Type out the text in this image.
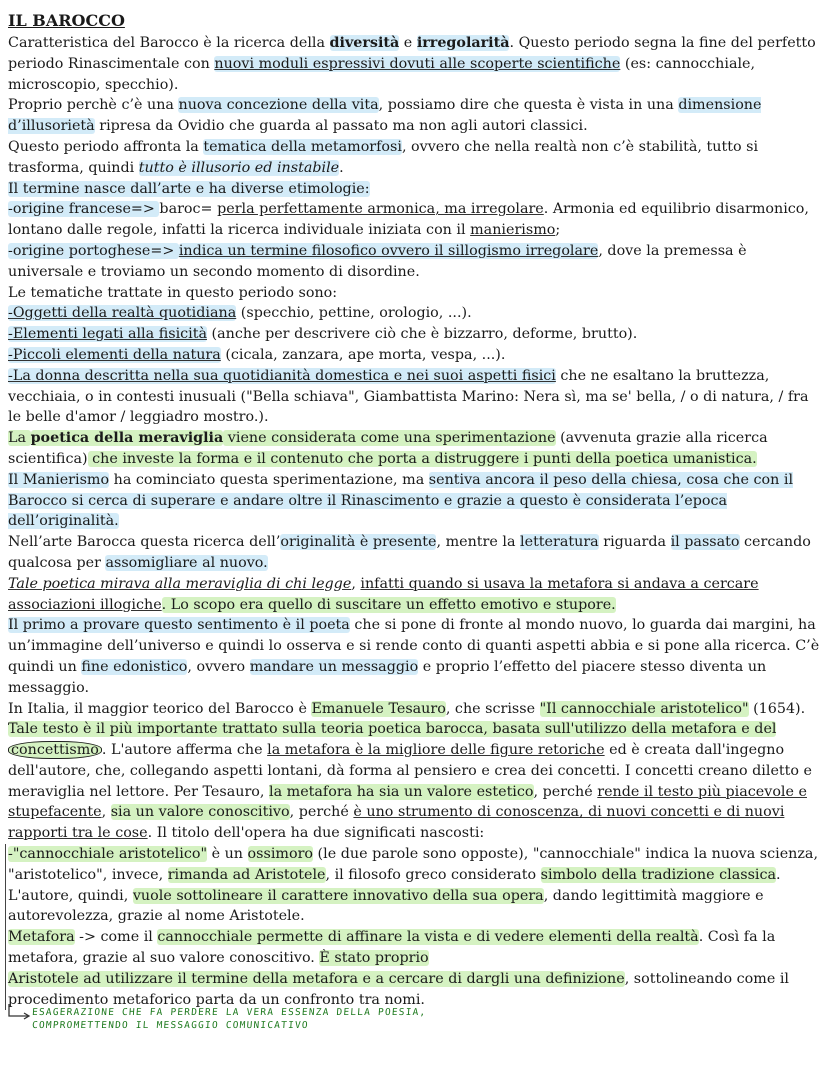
IL BAROCCO

Caratteristica del Barocco è la ricerca della diversità e irregolarità. Questo periodo segna la fine del perfetto periodo Rinascimentale con nuovi moduli espressivi dovuti alle scoperte scientifiche (es: cannocchiale, microscopio, specchio).

Proprio perchè c’è una nuova concezione della vita, possiamo dire che questa è vista in una dimensione d’illusorietà ripresa da Ovidio che guarda al passato ma non agli autori classici.

Questo periodo affronta la tematica della metamorfosi, ovvero che nella realtà non c’è stabilità, tutto si trasforma, quindi tutto è illusorio ed instabile.

Il termine nasce dall’arte e ha diverse etimologie:

-origine francese=> baroc= perla perfettamente armonica, ma irregolare. Armonia ed equilibrio disarmonico, lontano dalle regole, infatti la ricerca individuale iniziata con il manierismo;

-origine portoghese=> indica un termine filosofico ovvero il sillogismo irregolare, dove la premessa è universale e troviamo un secondo momento di disordine.

Le tematiche trattate in questo periodo sono:

-Oggetti della realtà quotidiana (specchio, pettine, orologio, ...).

-Elementi legati alla fisicità (anche per descrivere ciò che è bizzarro, deforme, brutto).

-Piccoli elementi della natura (cicala, zanzara, ape morta, vespa, ...).

-La donna descritta nella sua quotidianità domestica e nei suoi aspetti fisici che ne esaltano la bruttezza, vecchiaia, o in contesti inusuali ("Bella schiava", Giambattista Marino: Nera sì, ma se' bella, / o di natura, / fra le belle d'amor / leggiadro mostro.).

La poetica della meraviglia viene considerata come una sperimentazione (avvenuta grazie alla ricerca scientifica) che investe la forma e il contenuto che porta a distruggere i punti della poetica umanistica.

Il Manierismo ha cominciato questa sperimentazione, ma sentiva ancora il peso della chiesa, cosa che con il Barocco si cerca di superare e andare oltre il Rinascimento e grazie a questo è considerata l’epoca dell’originalità.

Nell’arte Barocca questa ricerca dell’originalità è presente, mentre la letteratura riguarda il passato cercando qualcosa per assomigliare al nuovo.

Tale poetica mirava alla meraviglia di chi legge, infatti quando si usava la metafora si andava a cercare associazioni illogiche. Lo scopo era quello di suscitare un effetto emotivo e stupore.

Il primo a provare questo sentimento è il poeta che si pone di fronte al mondo nuovo, lo guarda dai margini, ha un’immagine dell’universo e quindi lo osserva e si rende conto di quanti aspetti abbia e si pone alla ricerca. C’è quindi un fine edonistico, ovvero mandare un messaggio e proprio l’effetto del piacere stesso diventa un messaggio.

In Italia, il maggior teorico del Barocco è Emanuele Tesauro, che scrisse "Il cannocchiale aristotelico" (1654).

Tale testo è il più importante trattato sulla teoria poetica barocca, basata sull'utilizzo della metafora e del concettismo . L'autore afferma che la metafora è la migliore delle figure retoriche ed è creata dall'ingegno dell'autore, che, collegando aspetti lontani, dà forma al pensiero e crea dei concetti. I concetti creano diletto e meraviglia nel lettore. Per Tesauro, la metafora ha sia un valore estetico, perché rende il testo più piacevole e stupefacente, sia un valore conoscitivo, perché è uno strumento di conoscenza, di nuovi concetti e di nuovi rapporti tra le cose. Il titolo dell'opera ha due significati nascosti:

-"cannocchiale aristotelico" è un ossimoro (le due parole sono opposte), "cannocchiale" indica la nuova scienza, "aristotelico", invece, rimanda ad Aristotele, il filosofo greco considerato simbolo della tradizione classica. L'autore, quindi, vuole sottolineare il carattere innovativo della sua opera, dando legittimità maggiore e autorevolezza, grazie al nome Aristotele.

Metafora -> come il cannocchiale permette di affinare la vista e di vedere elementi della realtà. Così fa la metafora, grazie al suo valore conoscitivo. È stato proprio
Aristotele ad utilizzare il termine della metafora e a cercare di dargli una definizione, sottolineando come il procedimento metaforico parta da un confronto tra nomi.

ESAGERAZIONE CHE FA PERDERE LA VERA ESSENZA DELLA POESIA,
COMPROMETTENDO IL MESSAGGIO COMUNICATIVO
